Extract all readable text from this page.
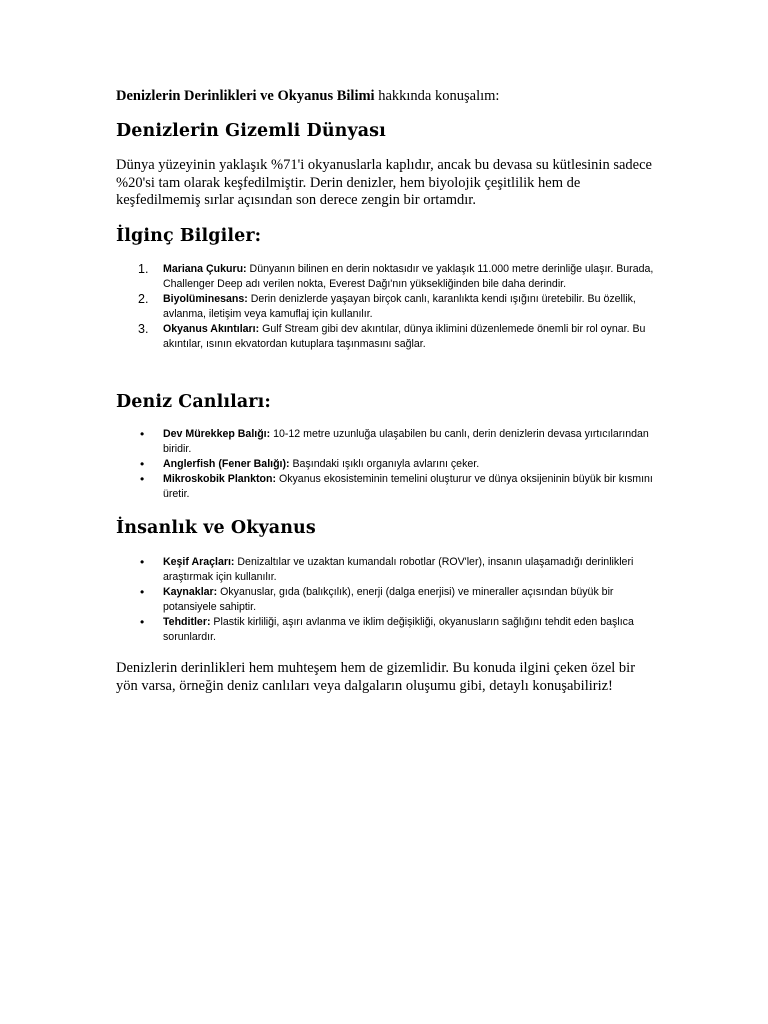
Denizlerin Derinlikleri ve Okyanus Bilimi hakkında konuşalım:
Denizlerin Gizemli Dünyası
Dünya yüzeyinin yaklaşık %71'i okyanuslarla kaplıdır, ancak bu devasa su kütlesinin sadece %20'si tam olarak keşfedilmiştir. Derin denizler, hem biyolojik çeşitlilik hem de keşfedilmemiş sırlar açısından son derece zengin bir ortamdır.
İlginç Bilgiler:
1. Mariana Çukuru: Dünyanın bilinen en derin noktasıdır ve yaklaşık 11.000 metre derinliğe ulaşır. Burada, Challenger Deep adı verilen nokta, Everest Dağı'nın yüksekliğinden bile daha derindir.
2. Biyolüminesans: Derin denizlerde yaşayan birçok canlı, karanlıkta kendi ışığını üretebilir. Bu özellik, avlanma, iletişim veya kamuflaj için kullanılır.
3. Okyanus Akıntıları: Gulf Stream gibi dev akıntılar, dünya iklimini düzenlemede önemli bir rol oynar. Bu akıntılar, ısının ekvatordan kutuplara taşınmasını sağlar.
Deniz Canlıları:
• Dev Mürekkep Balığı: 10-12 metre uzunluğa ulaşabilen bu canlı, derin denizlerin devasa yırtıcılarından biridir.
• Anglerfish (Fener Balığı): Başındaki ışıklı organıyla avlarını çeker.
• Mikroskobik Plankton: Okyanus ekosisteminin temelini oluşturur ve dünya oksijeninin büyük bir kısmını üretir.
İnsanlık ve Okyanus
• Keşif Araçları: Denizaltılar ve uzaktan kumandalı robotlar (ROV'ler), insanın ulaşamadığı derinlikleri araştırmak için kullanılır.
• Kaynaklar: Okyanuslar, gıda (balıkçılık), enerji (dalga enerjisi) ve mineraller açısından büyük bir potansiyele sahiptir.
• Tehditler: Plastik kirliliği, aşırı avlanma ve iklim değişikliği, okyanusların sağlığını tehdit eden başlıca sorunlardır.
Denizlerin derinlikleri hem muhteşem hem de gizemlidir. Bu konuda ilgini çeken özel bir yön varsa, örneğin deniz canlıları veya dalgaların oluşumu gibi, detaylı konuşabiliriz!
